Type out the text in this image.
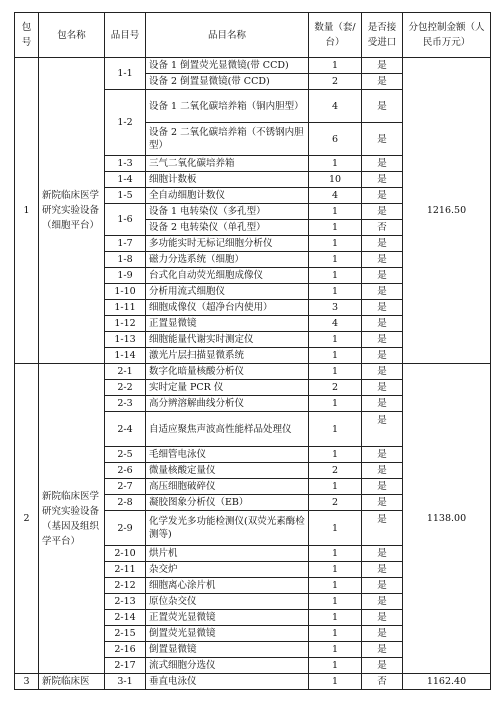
包号	包名称	品目号	品目名称	数量（套/台）	是否接受进口	分包控制金额（人民币万元）
1	新院临床医学研究实验设备（细胞平台）	1-1	设备 1 倒置荧光显微镜(带 CCD)	1	是	1216.50
			设备 2 倒置显微镜(带 CCD)	2	是	
		1-2	设备 1 二氧化碳培养箱（铜内胆型）	4	是	
			设备 2 二氧化碳培养箱（不锈钢内胆型）	6	是	
		1-3	三气二氧化碳培养箱	1	是	
		1-4	细胞计数板	10	是	
		1-5	全自动细胞计数仪	4	是	
		1-6	设备 1 电转染仪（多孔型）	1	是	
			设备 2 电转染仪（单孔型）	1	否	
		1-7	多功能实时无标记细胞分析仪	1	是	
		1-8	磁力分选系统（细胞）	1	是	
		1-9	台式化自动荧光细胞成像仪	1	是	
		1-10	分析用流式细胞仪	1	是	
		1-11	细胞成像仪（超净台内使用）	3	是	
		1-12	正置显微镜	4	是	
		1-13	细胞能量代谢实时测定仪	1	是	
		1-14	激光片层扫描显微系统	1	是	
2	新院临床医学研究实验设备（基因及组织学平台）	2-1	数字化暗量核酸分析仪	1	是	1138.00
		2-2	实时定量 PCR 仪	2	是	
		2-3	高分辨溶解曲线分析仪	1	是	
		2-4	自适应聚焦声波高性能样品处理仪	1	是	
		2-5	毛细管电泳仪	1	是	
		2-6	微量核酸定量仪	2	是	
		2-7	高压细胞破碎仪	1	是	
		2-8	凝胶图象分析仪（EB）	2	是	
		2-9	化学发光多功能检测仪(双荧光素酶检测等)	1	是	
		2-10	烘片机	1	是	
		2-11	杂交炉	1	是	
		2-12	细胞离心涂片机	1	是	
		2-13	原位杂交仪	1	是	
		2-14	正置荧光显微镜	1	是	
		2-15	倒置荧光显微镜	1	是	
		2-16	倒置显微镜	1	是	
		2-17	流式细胞分选仪	1	是	
3	新院临床医	3-1	垂直电泳仪	1	否	1162.40
